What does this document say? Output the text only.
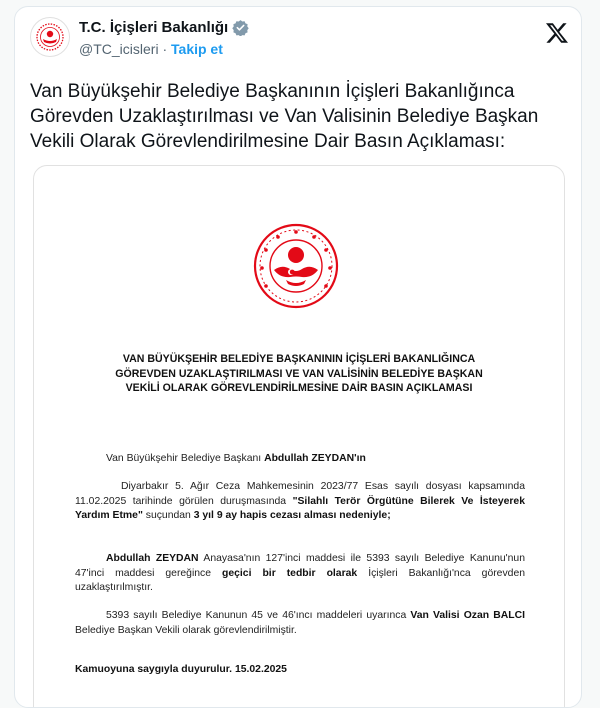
T.C. İçişleri Bakanlığı
@TC_icisleri · Takip et
Van Büyükşehir Belediye Başkanının İçişleri Bakanlığınca Görevden Uzaklaştırılması ve Van Valisinin Belediye Başkan Vekili Olarak Görevlendirilmesine Dair Basın Açıklaması:
VAN BÜYÜKŞEHİR BELEDİYE BAŞKANININ İÇİŞLERİ BAKANLIĞINCA
GÖREVDEN UZAKLAŞTIRILMASI VE VAN VALİSİNİN BELEDİYE BAŞKAN
VEKİLİ OLARAK GÖREVLENDİRİLMESİNE DAİR BASIN AÇIKLAMASI
Van Büyükşehir Belediye Başkanı Abdullah ZEYDAN'ın
Diyarbakır 5. Ağır Ceza Mahkemesinin 2023/77 Esas sayılı dosyası kapsamında 11.02.2025 tarihinde görülen duruşmasında "Silahlı Terör Örgütüne Bilerek Ve İsteyerek Yardım Etme" suçundan 3 yıl 9 ay hapis cezası alması nedeniyle;
Abdullah ZEYDAN Anayasa'nın 127'inci maddesi ile 5393 sayılı Belediye Kanunu'nun 47'inci maddesi gereğince geçici bir tedbir olarak İçişleri Bakanlığı'nca görevden uzaklaştırılmıştır.
5393 sayılı Belediye Kanunun 45 ve 46'ıncı maddeleri uyarınca Van Valisi Ozan BALCI Belediye Başkan Vekili olarak görevlendirilmiştir.
Kamuoyuna saygıyla duyurulur. 15.02.2025
